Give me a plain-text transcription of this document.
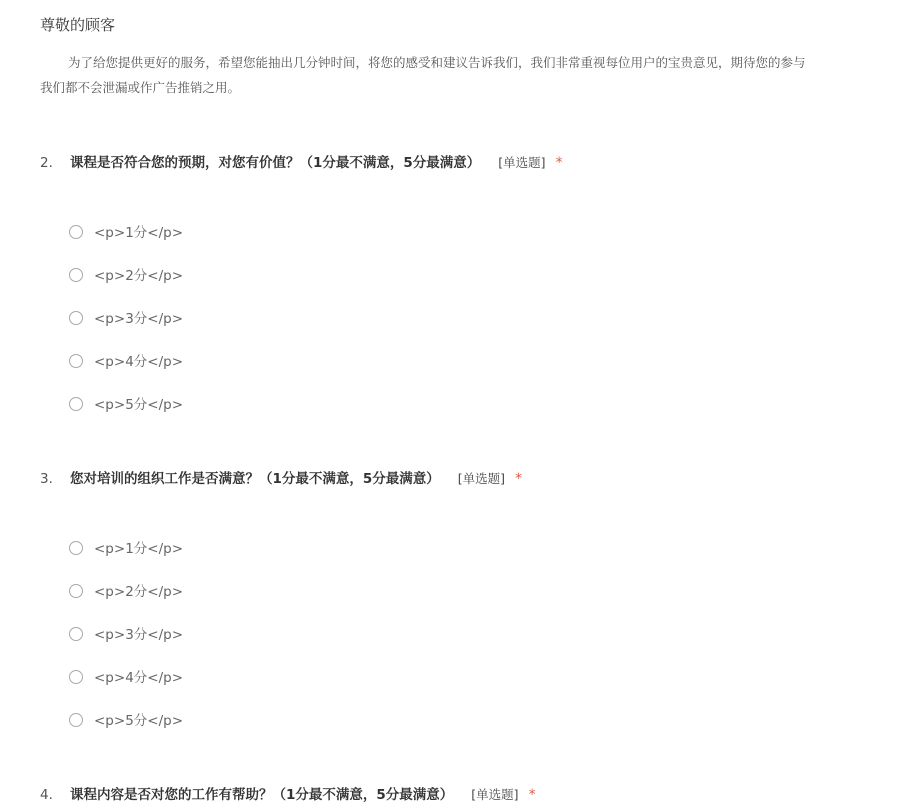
尊敬的顾客
为了给您提供更好的服务，希望您能抽出几分钟时间，将您的感受和建议告诉我们，我们非常重视每位用户的宝贵意见，期待您的参与
我们都不会泄漏或作广告推销之用。
2. 课程是否符合您的预期，对您有价值？（1分最不满意，5分最满意） [单选题] *
<p>1分</p>
<p>2分</p>
<p>3分</p>
<p>4分</p>
<p>5分</p>
3. 您对培训的组织工作是否满意？（1分最不满意，5分最满意） [单选题] *
<p>1分</p>
<p>2分</p>
<p>3分</p>
<p>4分</p>
<p>5分</p>
4. 课程内容是否对您的工作有帮助？（1分最不满意，5分最满意） [单选题] *
